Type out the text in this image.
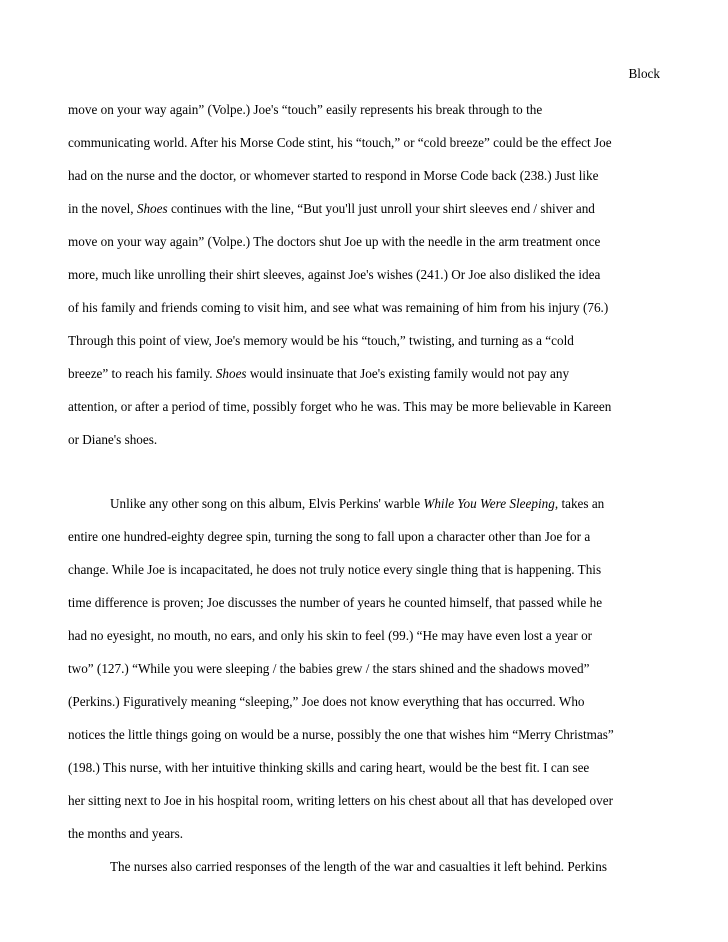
Block
move on your way again” (Volpe.) Joe's “touch” easily represents his break through to the
communicating world. After his Morse Code stint, his “touch,” or “cold breeze” could be the effect Joe
had on the nurse and the doctor, or whomever started to respond in Morse Code back (238.) Just like
in the novel, Shoes continues with the line, “But you'll just unroll your shirt sleeves end / shiver and
move on your way again” (Volpe.) The doctors shut Joe up with the needle in the arm treatment once
more, much like unrolling their shirt sleeves, against Joe's wishes (241.) Or Joe also disliked the idea
of his family and friends coming to visit him, and see what was remaining of him from his injury (76.)
Through this point of view, Joe's memory would be his “touch,” twisting, and turning as a “cold
breeze” to reach his family. Shoes would insinuate that Joe's existing family would not pay any
attention, or after a period of time, possibly forget who he was. This may be more believable in Kareen
or Diane's shoes.
Unlike any other song on this album, Elvis Perkins' warble While You Were Sleeping, takes an
entire one hundred-eighty degree spin, turning the song to fall upon a character other than Joe for a
change. While Joe is incapacitated, he does not truly notice every single thing that is happening. This
time difference is proven; Joe discusses the number of years he counted himself, that passed while he
had no eyesight, no mouth, no ears, and only his skin to feel (99.) “He may have even lost a year or
two” (127.) “While you were sleeping / the babies grew / the stars shined and the shadows moved”
(Perkins.) Figuratively meaning “sleeping,” Joe does not know everything that has occurred. Who
notices the little things going on would be a nurse, possibly the one that wishes him “Merry Christmas”
(198.) This nurse, with her intuitive thinking skills and caring heart, would be the best fit. I can see
her sitting next to Joe in his hospital room, writing letters on his chest about all that has developed over
the months and years.
The nurses also carried responses of the length of the war and casualties it left behind. Perkins
